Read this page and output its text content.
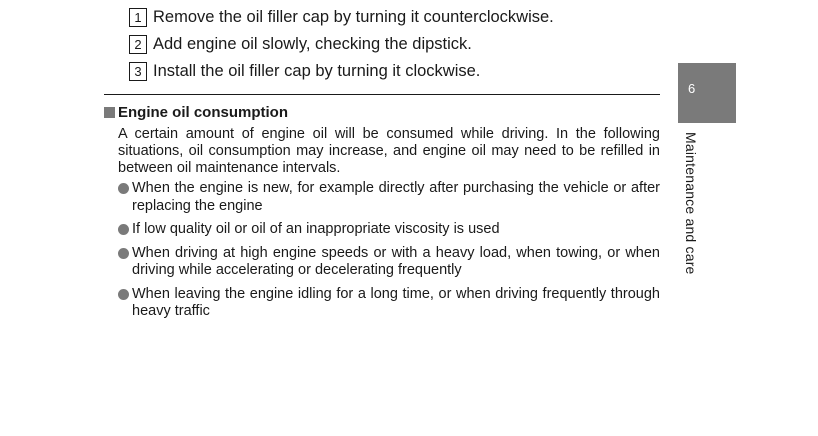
1 Remove the oil filler cap by turning it counterclockwise.
2 Add engine oil slowly, checking the dipstick.
3 Install the oil filler cap by turning it clockwise.
Engine oil consumption

A certain amount of engine oil will be consumed while driving. In the following situations, oil consumption may increase, and engine oil may need to be refilled in between oil maintenance intervals.

When the engine is new, for example directly after purchasing the vehicle or after replacing the engine
If low quality oil or oil of an inappropriate viscosity is used
When driving at high engine speeds or with a heavy load, when towing, or when driving while accelerating or decelerating frequently
When leaving the engine idling for a long time, or when driving frequently through heavy traffic
6
Maintenance and care
